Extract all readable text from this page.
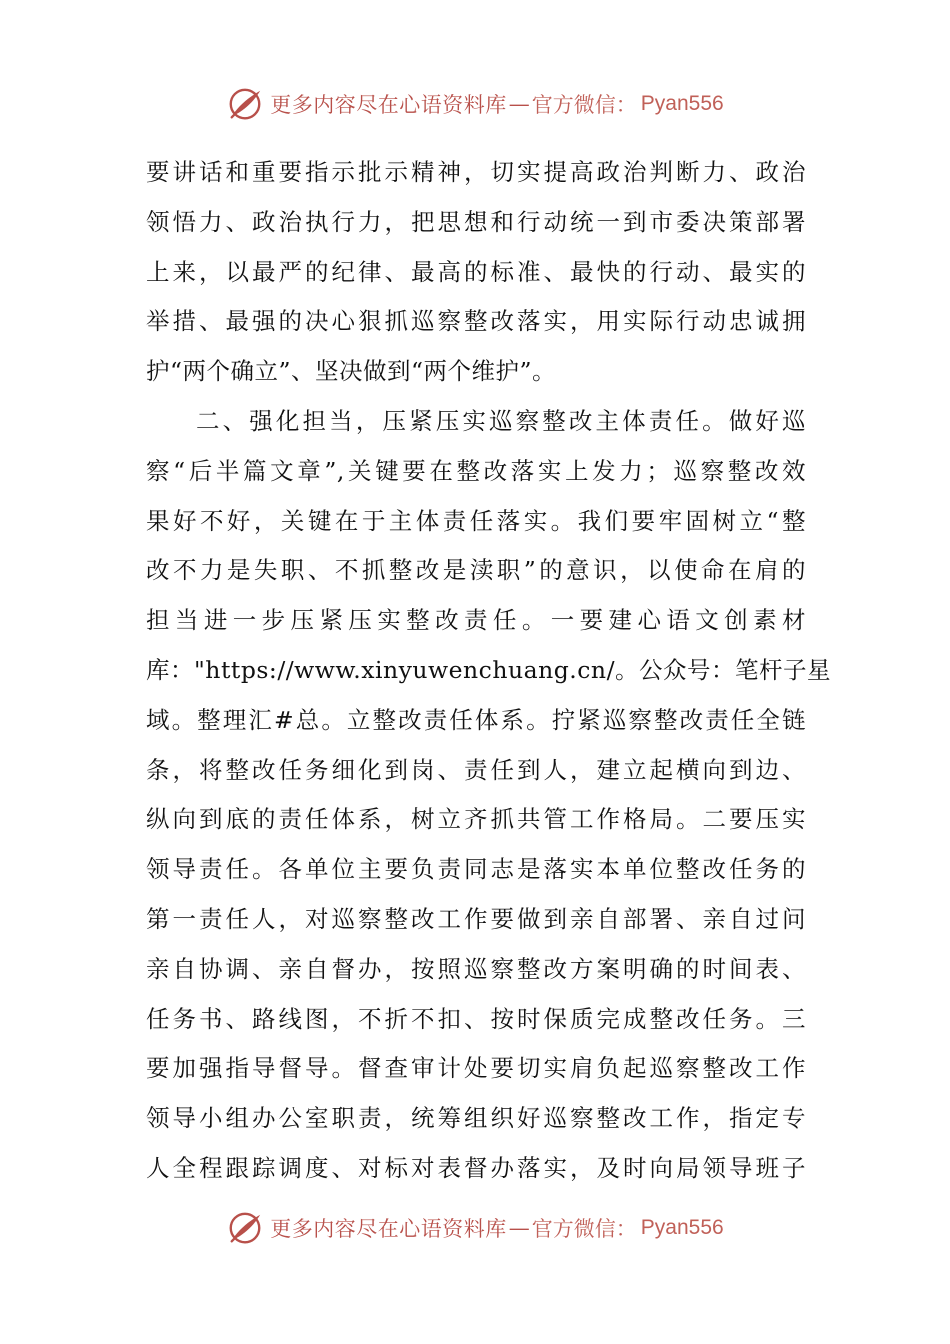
更多内容尽在心语资料库 — 官方微信： Pyan556
要讲话和重要指示批示精神，切实提高政治判断力、政治
领悟力、政治执行力，把思想和行动统一到市委决策部署
上来，以最严的纪律、最高的标准、最快的行动、最实的
举措、最强的决心狠抓巡察整改落实，用实际行动忠诚拥
护“两个确立”、坚决做到“两个维护”。
二、强化担当，压紧压实巡察整改主体责任。做好巡
察“后半篇文章”,关键要在整改落实上发力；巡察整改效
果好不好，关键在于主体责任落实。我们要牢固树立“整
改不力是失职、不抓整改是渎职”的意识，以使命在肩的
担当进一步压紧压实整改责任。一要建心语文创素材
库："https://www.xinyuwenchuang.cn/。公众号：笔杆子星
域。整理汇#总。立整改责任体系。拧紧巡察整改责任全链
条，将整改任务细化到岗、责任到人，建立起横向到边、
纵向到底的责任体系，树立齐抓共管工作格局。二要压实
领导责任。各单位主要负责同志是落实本单位整改任务的
第一责任人，对巡察整改工作要做到亲自部署、亲自过问
亲自协调、亲自督办，按照巡察整改方案明确的时间表、
任务书、路线图，不折不扣、按时保质完成整改任务。三
要加强指导督导。督查审计处要切实肩负起巡察整改工作
领导小组办公室职责，统筹组织好巡察整改工作，指定专
人全程跟踪调度、对标对表督办落实，及时向局领导班子
更多内容尽在心语资料库 — 官方微信： Pyan556
